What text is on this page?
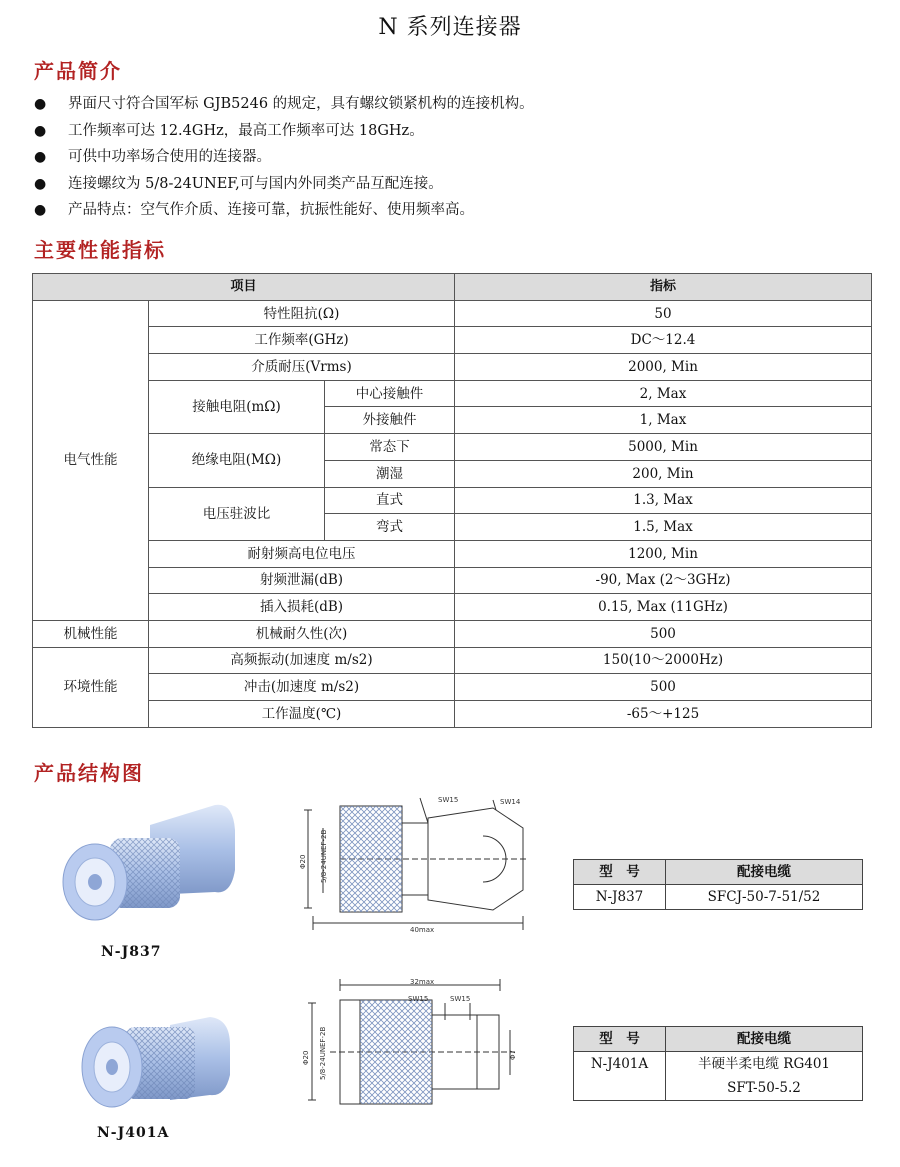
N 系列连接器
产品简介
● 界面尺寸符合国军标 GJB5246 的规定，具有螺纹锁紧机构的连接机构。
● 工作频率可达 12.4GHz，最高工作频率可达 18GHz。
● 可供中功率场合使用的连接器。
● 连接螺纹为 5/8-24UNEF,可与国内外同类产品互配连接。
● 产品特点：空气作介质、连接可靠，抗振性能好、使用频率高。
主要性能指标
项目			指标
电气性能	特性阻抗(Ω)		50
	工作频率(GHz)		DC～12.4
	介质耐压(Vrms)		2000, Min
	接触电阻(mΩ)	中心接触件	2, Max
		外接触件	1, Max
	绝缘电阻(MΩ)	常态下	5000, Min
		潮湿	200, Min
	电压驻波比	直式	1.3, Max
		弯式	1.5, Max
	耐射频高电位电压		1200, Min
	射频泄漏(dB)		-90, Max (2～3GHz)
	插入损耗(dB)		0.15, Max (11GHz)
机械性能	机械耐久性(次)		500
环境性能	高频振动(加速度 m/s2)		150(10～2000Hz)
	冲击(加速度 m/s2)		500
	工作温度(℃)		-65～+125
产品结构图
N-J837
Φ20 5/8-24UNEF-2B
SW15	SW14
40max
型　号	配接电缆
N-J837	SFCJ-50-7-51/52
N-J401A
32max
Φ20 5/8-24UNEF-2B
SW15	SW15
Φ7
型　号	配接电缆
N-J401A	半硬半柔电缆 RG401
	SFT-50-5.2
